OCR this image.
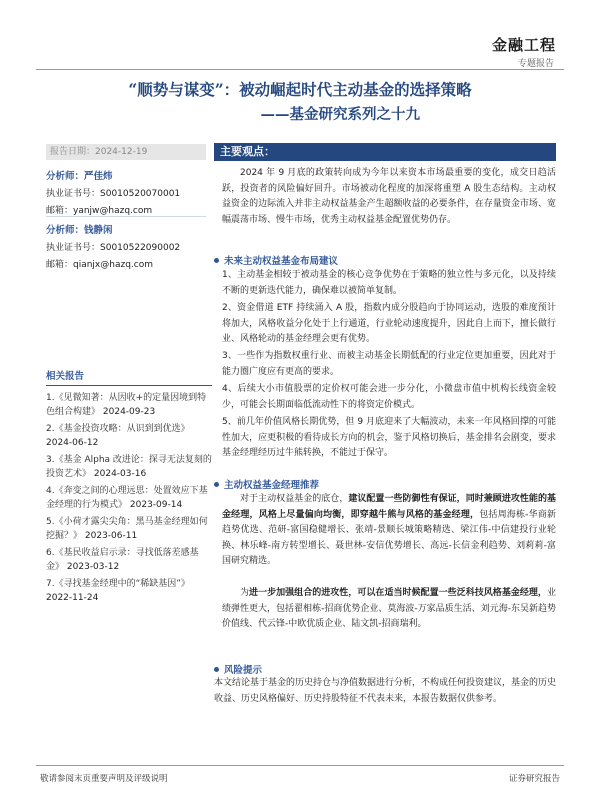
金融工程
专题报告
“顺势与谋变”：被动崛起时代主动基金的选择策略
——基金研究系列之十九
报告日期：2024-12-19
分析师：严佳炜
执业证书号：S0010520070001
邮箱：yanjw@hazq.com
分析师：钱静闲
执业证书号：S0010522090002
邮箱：qianjx@hazq.com
相关报告
1.《见微知著：从因收+的定量因境到特色组合构建》 2024-09-23
2.《基金投资攻略：从识到到优选》 2024-06-12
3.《基金 Alpha 改进论：探寻无法复刻的投资艺术》 2024-03-16
4.《奔变之间的心理远思：处置效应下基金经理的行为模式》 2023-09-14
5.《小荷才露尖尖角：黑马基金经理如何挖掘？》 2023-06-11
6.《基民收益启示录：寻找低落差感基金》 2023-03-12
7.《寻找基金经理中的“稀缺基因”》 2022-11-24
主要观点：
2024 年 9 月底的政策转向成为今年以来资本市场最重要的变化，成交日趋活跃，投资者的风险偏好回升。市场被动化程度的加深将重塑 A 股生态结构。主动权益资金的边际流入并非主动权益基金产生超额收益的必要条件，在存量资金市场、宽幅震荡市场、慢牛市场，优秀主动权益基金配置优势仍存。
未来主动权益基金布局建议
1、主动基金相较于被动基金的核心竞争优势在于策略的独立性与多元化，以及持续不断的更新迭代能力，确保难以被简单复制。
2、资金借道 ETF 持续涌入 A 股，指数内成分股趋向于协同运动，选股的难度预计将加大，风格收益分化处于上行通道，行业轮动速度提升，因此自上而下，擅长做行业、风格轮动的基金经理会更有优势。
3、一些作为指数权重行业、而被主动基金长期低配的行业定位更加重要，因此对于能力圈广度应有更高的要求。
4、后续大小市值股票的定价权可能会进一步分化，小微盘市值中机构长线资金较少，可能会长期面临低流动性下的将资定价模式。
5、前几年价值风格长期优势，但 9 月底迎来了大幅波动，未来一年风格回撑的可能性加大，应更积极的看待成长方向的机会，鉴于风格切换后，基金排名会剧变，要求基金经理经历过牛熊转换，不能过于保守。
主动权益基金经理推荐
对于主动权益基金的底仓，建议配置一些防御性有保证，同时兼顾进攻性能的基金经理，风格上尽量偏向均衡，即穿越牛熊与风格的基金经理，包括周海栋-华商新趋势优选、范研-富国稳健增长、张靖-景顺长城策略精选、梁江伟-中信建投行业轮换、林乐峰-南方转型增长、聂世林-安信优势增长、高远-长信金利趋势、刘莉莉-富国研究精选。
为进一步加强组合的进攻性，可以在适当时候配置一些泛科技风格基金经理，业绩弹性更大，包括翟相栋-招商优势企业、莫海波-万家品质生活、刘元海-东吴新趋势价值线、代云锋-中欧优质企业、陆文凯-招商瑞利。
风险提示
本文结论基于基金的历史持仓与净值数据进行分析，不构成任何投资建议，基金的历史收益、历史风格偏好、历史持股特征不代表未来，本报告数据仅供参考。
敬请参阅末页重要声明及评级说明	证券研究报告
